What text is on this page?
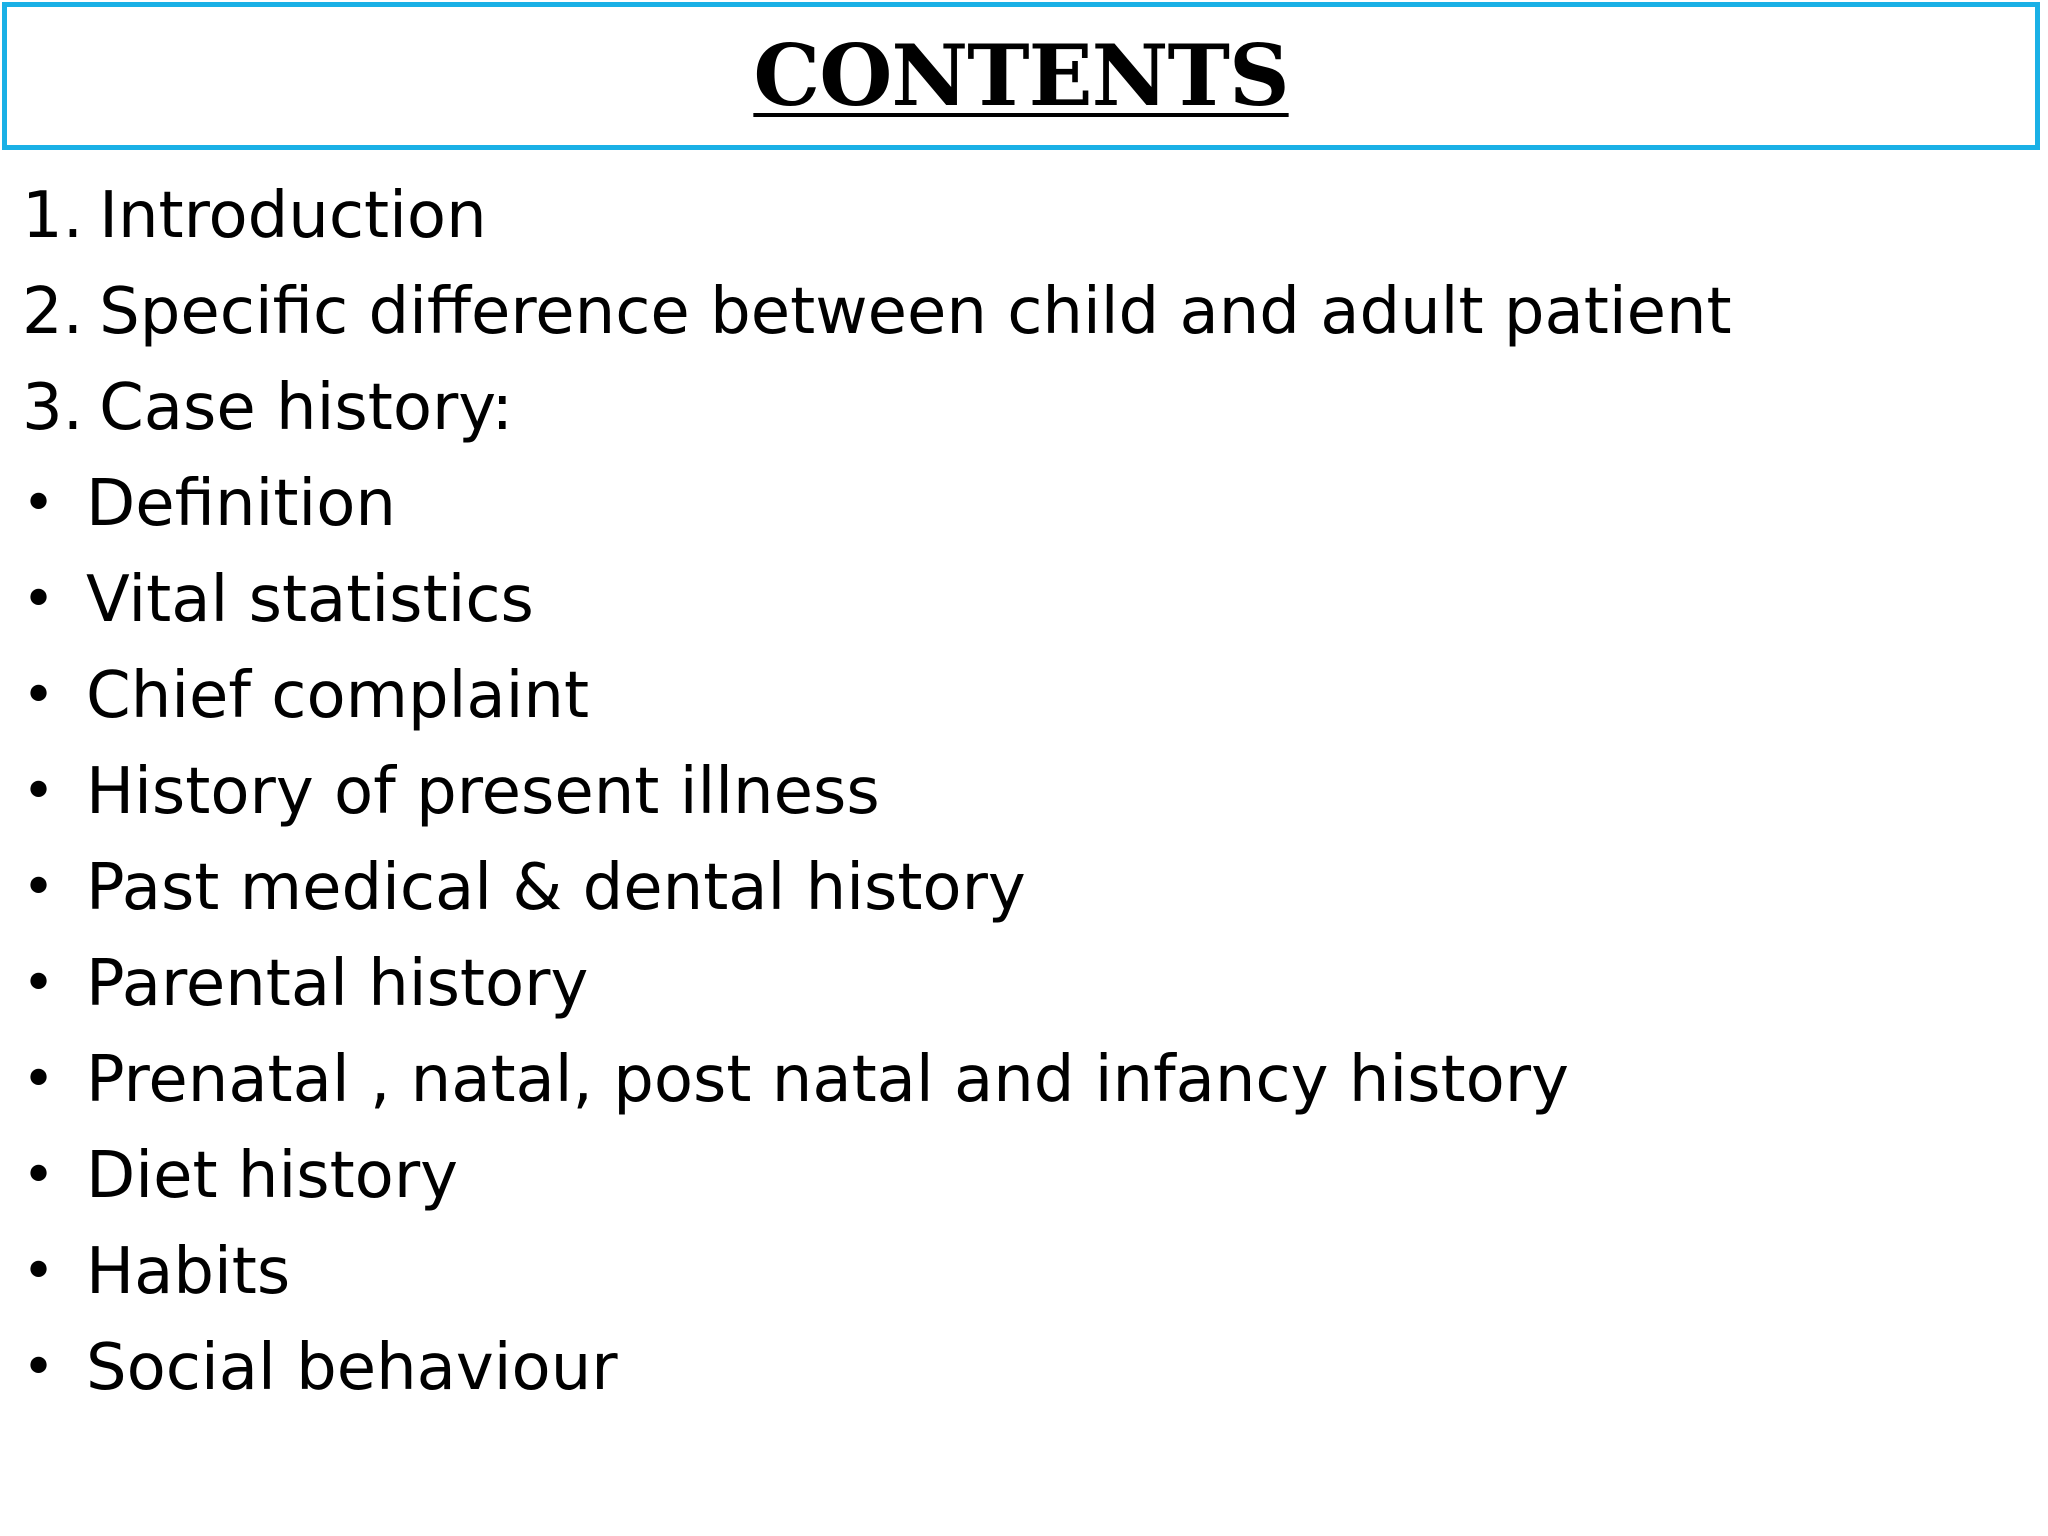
CONTENTS
1. Introduction
2. Specific difference between child and adult patient
3. Case history:
• Definition
• Vital statistics
• Chief complaint
• History of present illness
• Past medical & dental history
• Parental history
• Prenatal , natal, post natal and infancy history
• Diet history
• Habits
• Social behaviour
